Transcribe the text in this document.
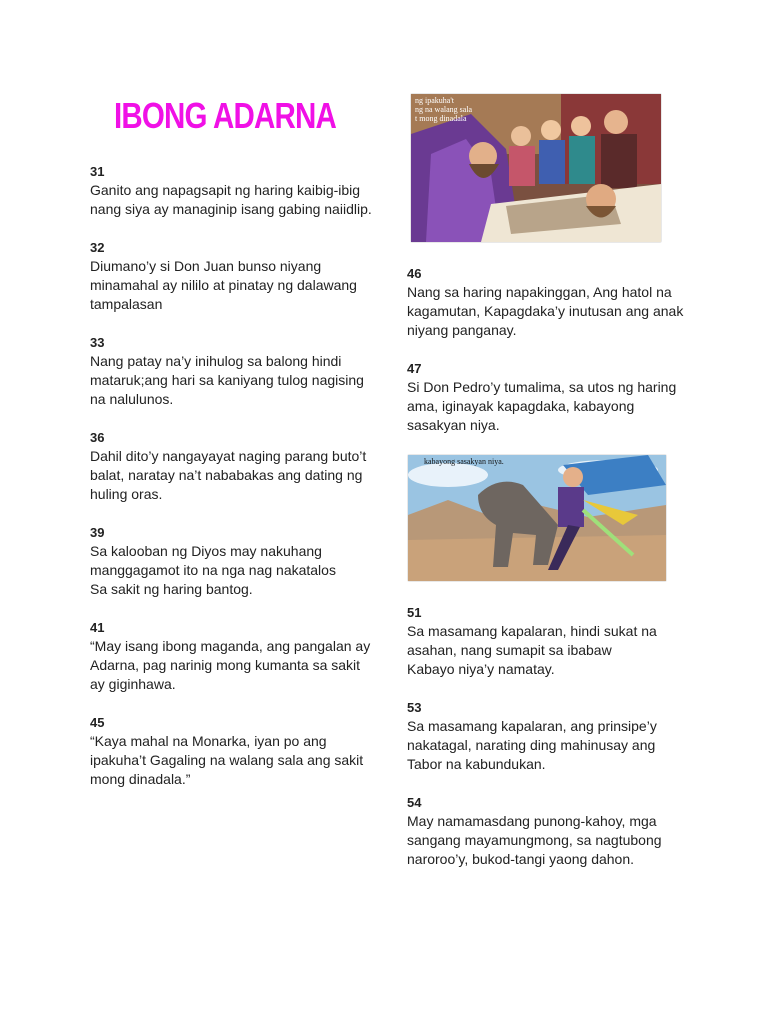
IBONG ADARNA
31
Ganito ang napagsapit ng haring kaibig-ibig nang siya ay managinip isang gabing naiidlip.
32
Diumano’y si Don Juan bunso niyang minamahal ay nililo at pinatay ng dalawang tampalasan
33
Nang patay na’y inihulog sa balong hindi mataruk;ang hari sa kaniyang tulog nagising na nalulunos.
36
Dahil dito’y nangayayat naging parang buto’t balat, naratay na’t nababakas ang dating ng huling oras.
39
Sa kalooban ng Diyos may nakuhang manggagamot ito na nga nag nakatalos
Sa sakit ng haring bantog.
41
“May isang ibong maganda, ang pangalan ay Adarna, pag narinig mong kumanta sa sakit ay giginhawa.
45
“Kaya mahal na Monarka, iyan po ang ipakuha’t Gagaling na walang sala ang sakit mong dinadala.”
ng ipakuha't
ng na walang sala
t mong dinadala
46
Nang sa haring napakinggan, Ang hatol na kagamutan, Kapagdaka’y inutusan ang anak niyang panganay.
47
Si Don Pedro’y tumalima, sa utos ng haring ama, iginayak kapagdaka, kabayong sasakyan niya.
kabayong sasakyan niya.
51
Sa masamang kapalaran, hindi sukat na asahan, nang sumapit sa ibabaw
Kabayo niya’y namatay.
53
Sa masamang kapalaran, ang prinsipe’y nakatagal, narating ding mahinusay ang Tabor na kabundukan.
54
May namamasdang punong-kahoy, mga sangang mayamungmong, sa nagtubong naroroo’y, bukod-tangi yaong dahon.
